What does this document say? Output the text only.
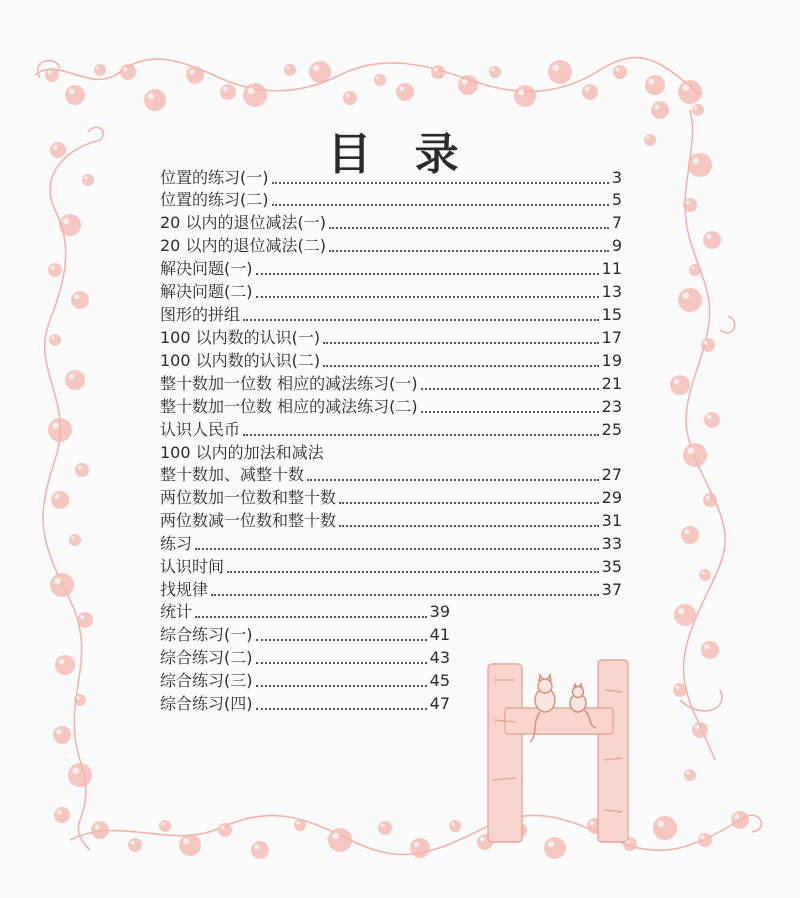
目 录
位置的练习(一)	3
位置的练习(二)	5
20 以内的退位减法(一)	7
20 以内的退位减法(二)	9
解决问题(一)	11
解决问题(二)	13
图形的拼组	15
100 以内数的认识(一)	17
100 以内数的认识(二)	19
整十数加一位数 相应的减法练习(一)	21
整十数加一位数 相应的减法练习(二)	23
认识人民币	25
100 以内的加法和减法
整十数加、减整十数	27
两位数加一位数和整十数	29
两位数减一位数和整十数	31
练习	33
认识时间	35
找规律	37
统计	39
综合练习(一)	41
综合练习(二)	43
综合练习(三)	45
综合练习(四)	47
